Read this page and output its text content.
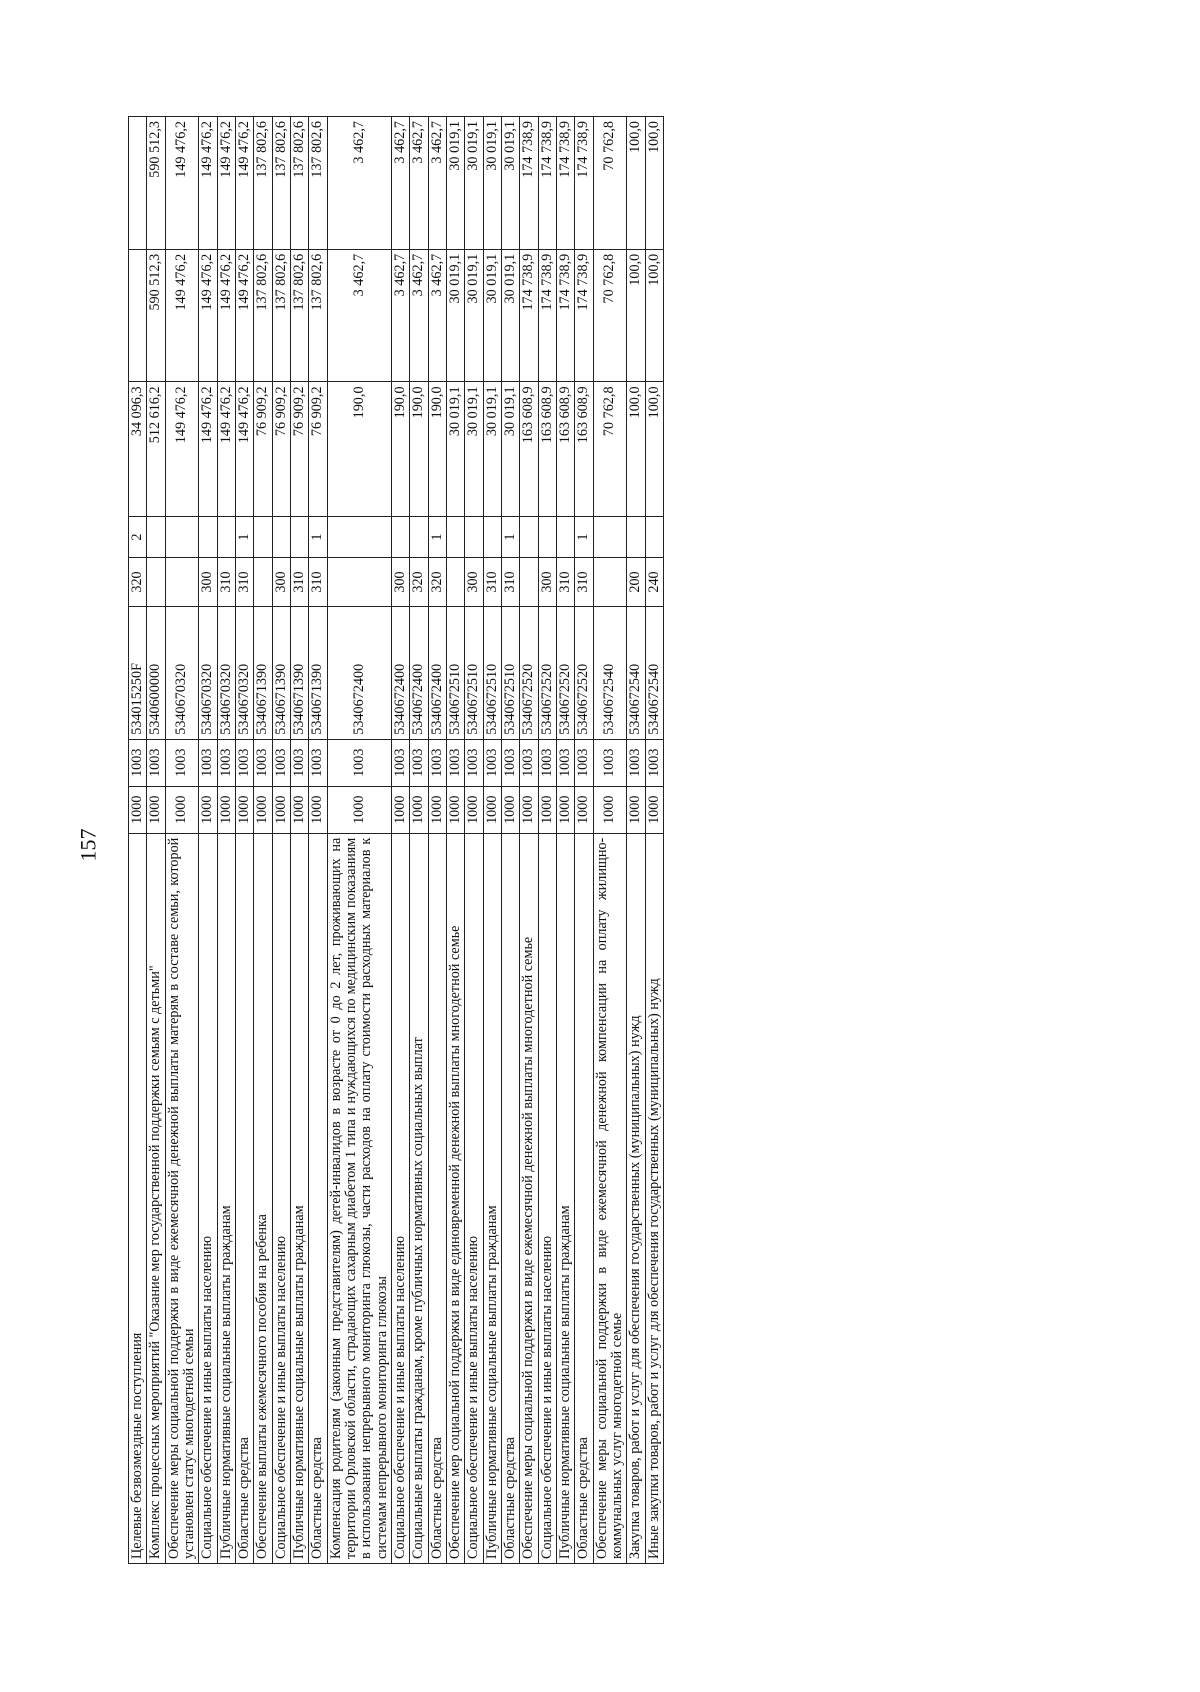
157
Целевые безвозмездные поступления	1000	1003	534015250F	320	2	34 096,3		
Комплекс процессных мероприятий "Оказание мер государственной поддержки семьям с детьми"	1000	1003	5340600000			512 616,2	590 512,3	590 512,3
Обеспечение меры социальной поддержки в виде ежемесячной денежной выплаты матерям в составе семьи, которой установлен статус многодетной семьи	1000	1003	5340670320			149 476,2	149 476,2	149 476,2
Социальное обеспечение и иные выплаты населению	1000	1003	5340670320	300		149 476,2	149 476,2	149 476,2
Публичные нормативные социальные выплаты гражданам	1000	1003	5340670320	310		149 476,2	149 476,2	149 476,2
Областные средства	1000	1003	5340670320	310	1	149 476,2	149 476,2	149 476,2
Обеспечение выплаты ежемесячного пособия на ребенка	1000	1003	5340671390			76 909,2	137 802,6	137 802,6
Социальное обеспечение и иные выплаты населению	1000	1003	5340671390	300		76 909,2	137 802,6	137 802,6
Публичные нормативные социальные выплаты гражданам	1000	1003	5340671390	310		76 909,2	137 802,6	137 802,6
Областные средства	1000	1003	5340671390	310	1	76 909,2	137 802,6	137 802,6
Компенсация родителям (законным представителям) детей-инвалидов в возрасте от 0 до 2 лет, проживающих на территории Орловской области, страдающих сахарным диабетом 1 типа и нуждающихся по медицинским показаниям в использовании непрерывного мониторинга глюкозы, части расходов на оплату стоимости расходных материалов к системам непрерывного мониторинга глюкозы	1000	1003	5340672400			190,0	3 462,7	3 462,7
Социальное обеспечение и иные выплаты населению	1000	1003	5340672400	300		190,0	3 462,7	3 462,7
Социальные выплаты гражданам, кроме публичных нормативных социальных выплат	1000	1003	5340672400	320		190,0	3 462,7	3 462,7
Областные средства	1000	1003	5340672400	320	1	190,0	3 462,7	3 462,7
Обеспечение мер социальной поддержки в виде единовременной денежной выплаты многодетной семье	1000	1003	5340672510			30 019,1	30 019,1	30 019,1
Социальное обеспечение и иные выплаты населению	1000	1003	5340672510	300		30 019,1	30 019,1	30 019,1
Публичные нормативные социальные выплаты гражданам	1000	1003	5340672510	310		30 019,1	30 019,1	30 019,1
Областные средства	1000	1003	5340672510	310	1	30 019,1	30 019,1	30 019,1
Обеспечение меры социальной поддержки в виде ежемесячной денежной выплаты многодетной семье	1000	1003	5340672520			163 608,9	174 738,9	174 738,9
Социальное обеспечение и иные выплаты населению	1000	1003	5340672520	300		163 608,9	174 738,9	174 738,9
Публичные нормативные социальные выплаты гражданам	1000	1003	5340672520	310		163 608,9	174 738,9	174 738,9
Областные средства	1000	1003	5340672520	310	1	163 608,9	174 738,9	174 738,9
Обеспечение меры социальной поддержки в виде ежемесячной денежной компенсации на оплату жилищно-коммунальных услуг многодетной семье	1000	1003	5340672540			70 762,8	70 762,8	70 762,8
Закупка товаров, работ и услуг для обеспечения государственных (муниципальных) нужд	1000	1003	5340672540	200		100,0	100,0	100,0
Иные закупки товаров, работ и услуг для обеспечения государственных (муниципальных) нужд	1000	1003	5340672540	240		100,0	100,0	100,0
